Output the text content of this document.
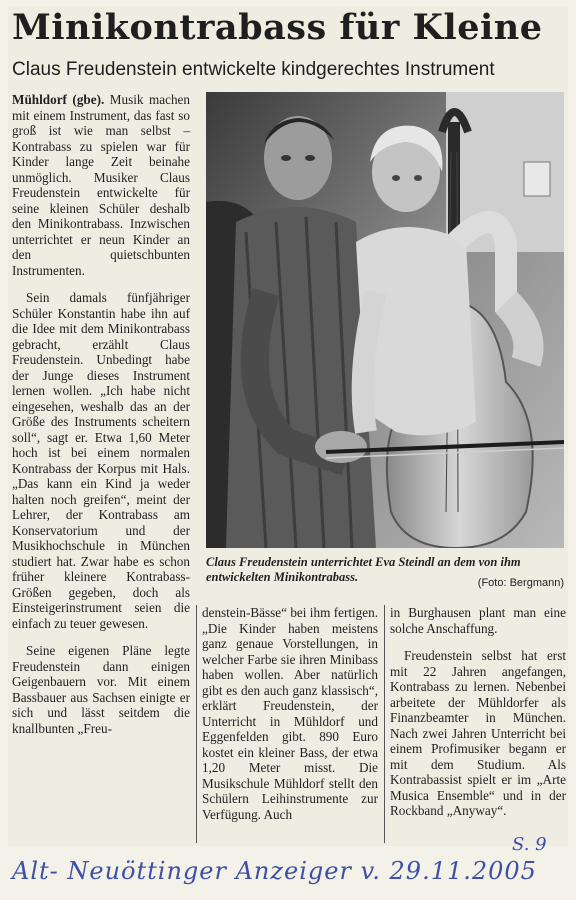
Minikontrabass für Kleine
Claus Freudenstein entwickelte kindgerechtes Instrument

Mühldorf (gbe). Musik machen mit einem Instrument, das fast so groß ist wie man selbst – Kontrabass zu spielen war für Kinder lange Zeit beinahe unmöglich. Musiker Claus Freudenstein entwickelte für seine kleinen Schüler deshalb den Minikontrabass. Inzwischen unterrichtet er neun Kinder an den quietschbunten Instrumenten.

Sein damals fünfjähriger Schüler Konstantin habe ihn auf die Idee mit dem Minikontrabass gebracht, erzählt Claus Freudenstein. Unbedingt habe der Junge dieses Instrument lernen wollen. „Ich habe nicht eingesehen, weshalb das an der Größe des Instruments scheitern soll“, sagt er. Etwa 1,60 Meter hoch ist bei einem normalen Kontrabass der Korpus mit Hals. „Das kann ein Kind ja weder halten noch greifen“, meint der Lehrer, der Kontrabass am Konservatorium und der Musikhochschule in München studiert hat. Zwar habe es schon früher kleinere Kontrabass-Größen gegeben, doch als Einsteigerinstrument seien die einfach zu teuer gewesen.

Seine eigenen Pläne legte Freudenstein dann einigen Geigenbauern vor. Mit einem Bassbauer aus Sachsen einigte er sich und lässt seitdem die knallbunten „Freu-

Claus Freudenstein unterrichtet Eva Steindl an dem von ihm entwickelten Minikontrabass.	(Foto: Bergmann)

denstein-Bässe“ bei ihm fertigen. „Die Kinder haben meistens ganz genaue Vorstellungen, in welcher Farbe sie ihren Minibass haben wollen. Aber natürlich gibt es den auch ganz klassisch“, erklärt Freudenstein, der Unterricht in Mühldorf und Eggenfelden gibt. 890 Euro kostet ein kleiner Bass, der etwa 1,20 Meter misst. Die Musikschule Mühldorf stellt den Schülern Leihinstrumente zur Verfügung. Auch

in Burghausen plant man eine solche Anschaffung.

Freudenstein selbst hat erst mit 22 Jahren angefangen, Kontrabass zu lernen. Nebenbei arbeitete der Mühldorfer als Finanzbeamter in München. Nach zwei Jahren Unterricht bei einem Profimusiker begann er mit dem Studium. Als Kontrabassist spielt er im „Arte Musica Ensemble“ und in der Rockband „Anyway“.

S. 9
Alt- Neuöttinger Anzeiger v. 29.11.2005
